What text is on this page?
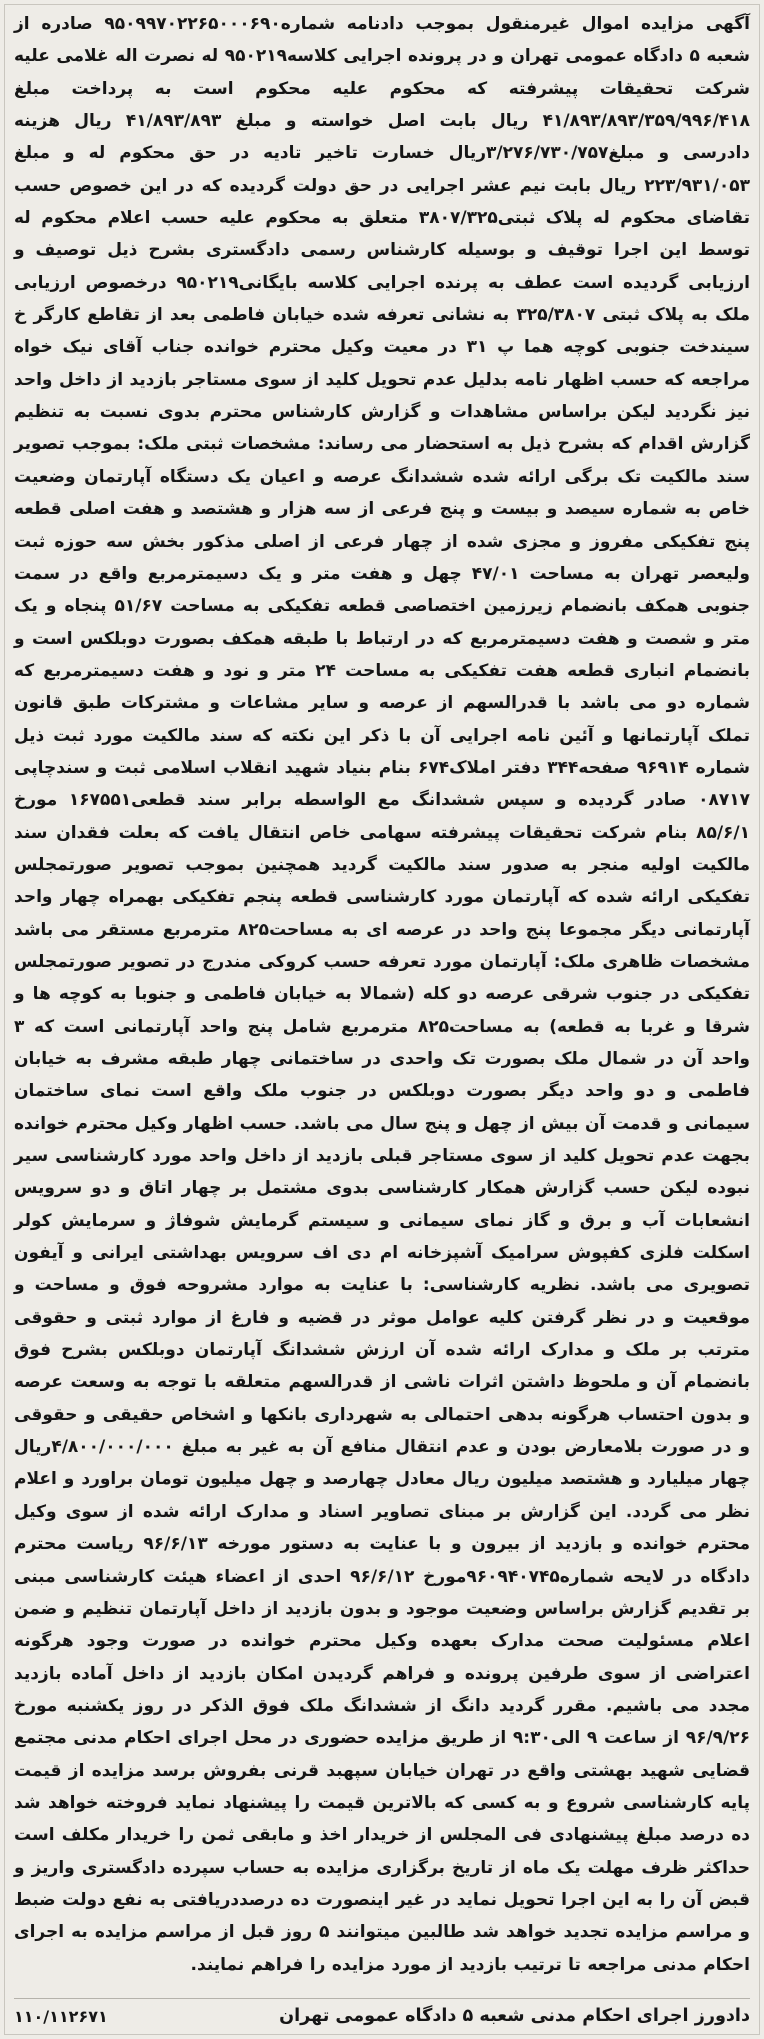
آگهی مزایده اموال غیرمنقول بموجب دادنامه شماره۹۵۰۹۹۷۰۲۲۶۵۰۰۰۶۹۰ صادره از شعبه ۵ دادگاه عمومی تهران و در پرونده اجرایی کلاسه۹۵۰۲۱۹ له نصرت اله غلامی علیه شرکت تحقیقات پیشرفته که محکوم علیه محکوم است به پرداخت مبلغ ۴۱/۸۹۳/۸۹۳/۳۵۹/۹۹۶/۴۱۸ ریال بابت اصل خواسته و مبلغ ۴۱/۸۹۳/۸۹۳ ریال هزینه دادرسی و مبلغ۳/۲۷۶/۷۳۰/۷۵۷ریال خسارت تاخیر تادیه در حق محکوم له و مبلغ ۲۲۳/۹۳۱/۰۵۳ ریال بابت نیم عشر اجرایی در حق دولت گردیده که در این خصوص حسب تقاضای محکوم له پلاک ثبتی۳۸۰۷/۳۲۵ متعلق به محکوم علیه حسب اعلام محکوم له توسط این اجرا توقیف و بوسیله کارشناس رسمی دادگستری بشرح ذیل توصیف و ارزیابی گردیده است عطف به پرنده اجرایی کلاسه بایگانی۹۵۰۲۱۹ درخصوص ارزیابی ملک به پلاک ثبتی ۳۲۵/۳۸۰۷ به نشانی تعرفه شده خیابان فاطمی بعد از تقاطع کارگر خ سیندخت جنوبی کوچه هما پ ۳۱ در معیت وکیل محترم خوانده جناب آقای نیک خواه مراجعه که حسب اظهار نامه بدلیل عدم تحویل کلید از سوی مستاجر بازدید از داخل واحد نیز نگردید لیکن براساس مشاهدات و گزارش کارشناس محترم بدوی نسبت به تنظیم گزارش اقدام که بشرح ذیل به استحضار می رساند: مشخصات ثبتی ملک: بموجب تصویر سند مالکیت تک برگی ارائه شده ششدانگ عرصه و اعیان یک دستگاه آپارتمان وضعیت خاص به شماره سیصد و بیست و پنج فرعی از سه هزار و هشتصد و هفت اصلی قطعه پنج تفکیکی مفروز و مجزی شده از چهار فرعی از اصلی مذکور بخش سه حوزه ثبت ولیعصر تهران به مساحت ۴۷/۰۱ چهل و هفت متر و یک دسیمترمربع واقع در سمت جنوبی همکف بانضمام زیرزمین اختصاصی قطعه تفکیکی به مساحت ۵۱/۶۷ پنجاه و یک متر و شصت و هفت دسیمترمربع که در ارتباط با طبقه همکف بصورت دوبلکس است و بانضمام انباری قطعه هفت تفکیکی به مساحت ۲۴ متر و نود و هفت دسیمترمربع که شماره دو می باشد با قدرالسهم از عرصه و سایر مشاعات و مشترکات طبق قانون تملک آپارتمانها و آئین نامه اجرایی آن با ذکر این نکته که سند مالکیت مورد ثبت ذیل شماره ۹۶۹۱۴ صفحه۳۴۴ دفتر املاک۶۷۴ بنام بنیاد شهید انقلاب اسلامی ثبت و سندچاپی ۰۸۷۱۷ صادر گردیده و سپس ششدانگ مع الواسطه برابر سند قطعی۱۶۷۵۵۱ مورخ ۸۵/۶/۱ بنام شرکت تحقیقات پیشرفته سهامی خاص انتقال یافت که بعلت فقدان سند مالکیت اولیه منجر به صدور سند مالکیت گردید همچنین بموجب تصویر صورتمجلس تفکیکی ارائه شده که آپارتمان مورد کارشناسی قطعه پنجم تفکیکی بهمراه چهار واحد آپارتمانی دیگر مجموعا پنج واحد در عرصه ای به مساحت۸۲۵ مترمربع مستقر می باشد مشخصات ظاهری ملک: آپارتمان مورد تعرفه حسب کروکی مندرج در تصویر صورتمجلس تفکیکی در جنوب شرقی عرصه دو کله (شمالا به خیابان فاطمی و جنوبا به کوچه ها و شرقا و غربا به قطعه) به مساحت۸۲۵ مترمربع شامل پنج واحد آپارتمانی است که ۳ واحد آن در شمال ملک بصورت تک واحدی در ساختمانی چهار طبقه مشرف به خیابان فاطمی و دو واحد دیگر بصورت دوبلکس در جنوب ملک واقع است نمای ساختمان سیمانی و قدمت آن بیش از چهل و پنج سال می باشد. حسب اظهار وکیل محترم خوانده بجهت عدم تحویل کلید از سوی مستاجر قبلی بازدید از داخل واحد مورد کارشناسی سیر نبوده لیکن حسب گزارش همکار کارشناسی بدوی مشتمل بر چهار اتاق و دو سرویس انشعابات آب و برق و گاز نمای سیمانی و سیستم گرمایش شوفاژ و سرمایش کولر اسکلت فلزی کفپوش سرامیک آشپزخانه ام دی اف سرویس بهداشتی ایرانی و آیفون تصویری می باشد. نظریه کارشناسی: با عنایت به موارد مشروحه فوق و مساحت و موقعیت و در نظر گرفتن کلیه عوامل موثر در قضیه و فارغ از موارد ثبتی و حقوقی مترتب بر ملک و مدارک ارائه شده آن ارزش ششدانگ آپارتمان دوبلکس بشرح فوق بانضمام آن و ملحوظ داشتن اثرات ناشی از قدرالسهم متعلقه با توجه به وسعت عرصه و بدون احتساب هرگونه بدهی احتمالی به شهرداری بانکها و اشخاص حقیقی و حقوقی و در صورت بلامعارض بودن و عدم انتقال منافع آن به غیر به مبلغ ۴/۸۰۰/۰۰۰/۰۰۰ریال چهار میلیارد و هشتصد میلیون ریال معادل چهارصد و چهل میلیون تومان براورد و اعلام نظر می گردد. این گزارش بر مبنای تصاویر اسناد و مدارک ارائه شده از سوی وکیل محترم خوانده و بازدید از بیرون و با عنایت به دستور مورخه ۹۶/۶/۱۳ ریاست محترم دادگاه در لایحه شماره۹۶۰۹۴۰۷۴۵مورخ ۹۶/۶/۱۲ احدی از اعضاء هیئت کارشناسی مبنی بر تقدیم گزارش براساس وضعیت موجود و بدون بازدید از داخل آپارتمان تنظیم و ضمن اعلام مسئولیت صحت مدارک بعهده وکیل محترم خوانده در صورت وجود هرگونه اعتراضی از سوی طرفین پرونده و فراهم گردیدن امکان بازدید از داخل آماده بازدید مجدد می باشیم. مقرر گردید دانگ از ششدانگ ملک فوق الذکر در روز یکشنبه مورخ ۹۶/۹/۲۶ از ساعت ۹ الی۹:۳۰ از طریق مزایده حضوری در محل اجرای احکام مدنی مجتمع قضایی شهید بهشتی واقع در تهران خیابان سپهبد قرنی بفروش برسد مزایده از قیمت پایه کارشناسی شروع و به کسی که بالاترین قیمت را پیشنهاد نماید فروخته خواهد شد ده درصد مبلغ پیشنهادی فی المجلس از خریدار اخذ و مابقی ثمن را خریدار مکلف است حداکثر ظرف مهلت یک ماه از تاریخ برگزاری مزایده به حساب سپرده دادگستری واریز و قبض آن را به این اجرا تحویل نماید در غیر اینصورت ده درصددریافتی به نفع دولت ضبط و مراسم مزایده تجدید خواهد شد طالبین میتوانند ۵ روز قبل از مراسم مزایده به اجرای احکام مدنی مراجعه تا ترتیب بازدید از مورد مزایده را فراهم نمایند.

دادورز اجرای احکام مدنی شعبه ۵ دادگاه عمومی تهران
۱۱۰/۱۱۲۶۷۱
